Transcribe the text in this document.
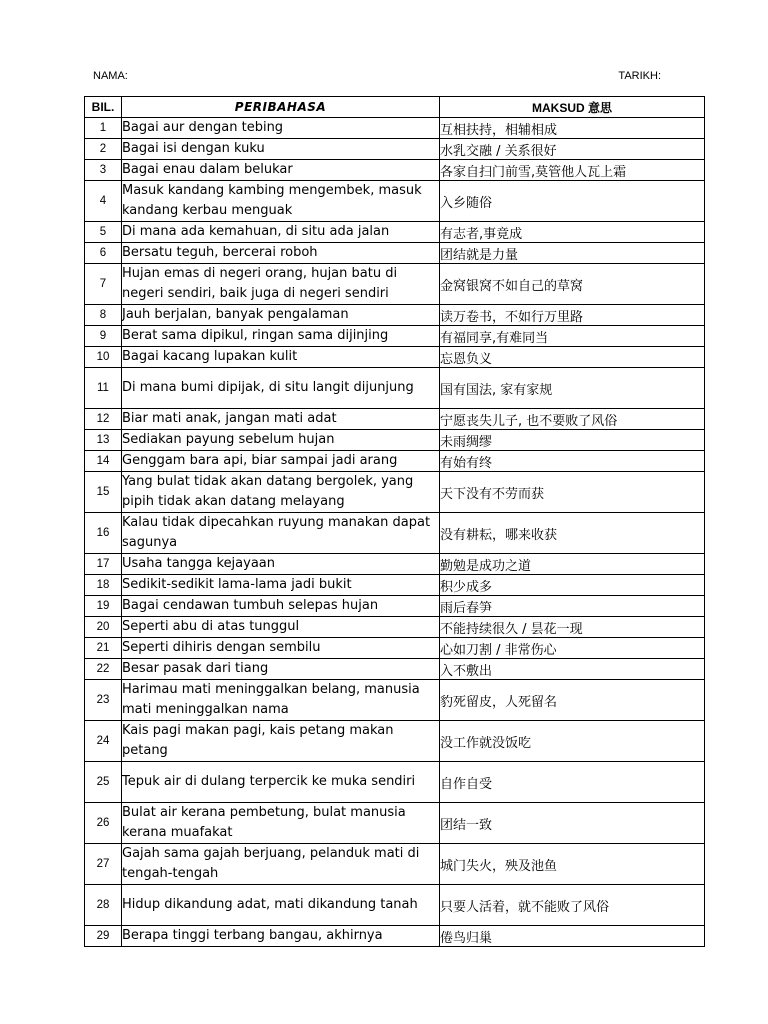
NAMA:	TARIKH:
BIL.	PERIBAHASA	MAKSUD 意思
1	Bagai aur dengan tebing	互相扶持，相辅相成
2	Bagai isi dengan kuku	水乳交融 / 关系很好
3	Bagai enau dalam belukar	各家自扫门前雪,莫管他人瓦上霜
4	Masuk kandang kambing mengembek, masuk kandang kerbau menguak	入乡随俗
5	Di mana ada kemahuan, di situ ada jalan	有志者,事竟成
6	Bersatu teguh, bercerai roboh	团结就是力量
7	Hujan emas di negeri orang, hujan batu di negeri sendiri, baik juga di negeri sendiri	金窝银窝不如自己的草窝
8	Jauh berjalan, banyak pengalaman	读万卷书，不如行万里路
9	Berat sama dipikul, ringan sama dijinjing	有福同享,有难同当
10	Bagai kacang lupakan kulit	忘恩负义
11	Di mana bumi dipijak, di situ langit dijunjung	国有国法, 家有家规
12	Biar mati anak, jangan mati adat	宁愿丧失儿子, 也不要败了风俗
13	Sediakan payung sebelum hujan	未雨绸缪
14	Genggam bara api, biar sampai jadi arang	有始有终
15	Yang bulat tidak akan datang bergolek, yang pipih tidak akan datang melayang	天下没有不劳而获
16	Kalau tidak dipecahkan ruyung manakan dapat sagunya	没有耕耘，哪来收获
17	Usaha tangga kejayaan	勤勉是成功之道
18	Sedikit-sedikit lama-lama jadi bukit	积少成多
19	Bagai cendawan tumbuh selepas hujan	雨后春笋
20	Seperti abu di atas tunggul	不能持续很久 / 昙花一现
21	Seperti dihiris dengan sembilu	心如刀割 / 非常伤心
22	Besar pasak dari tiang	入不敷出
23	Harimau mati meninggalkan belang, manusia mati meninggalkan nama	豹死留皮，人死留名
24	Kais pagi makan pagi, kais petang makan petang	没工作就没饭吃
25	Tepuk air di dulang terpercik ke muka sendiri	自作自受
26	Bulat air kerana pembetung, bulat manusia kerana muafakat	团结一致
27	Gajah sama gajah berjuang, pelanduk mati di tengah-tengah	城门失火，殃及池鱼
28	Hidup dikandung adat, mati dikandung tanah	只要人活着，就不能败了风俗
29	Berapa tinggi terbang bangau, akhirnya	倦鸟归巢
